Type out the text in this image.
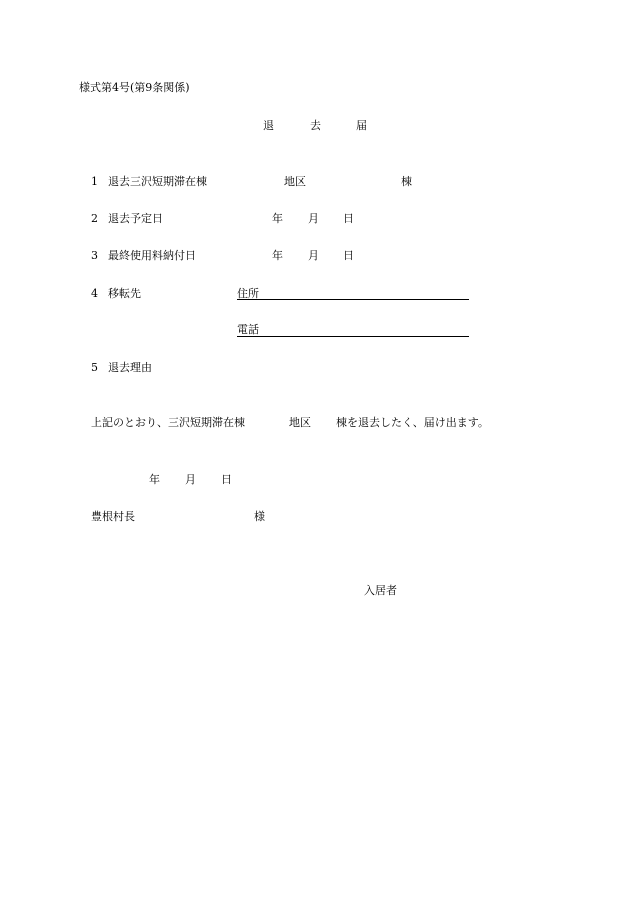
様式第4号(第9条関係)
退	去	届
1 退去三沢短期滞在棟	地区	棟
2 退去予定日	年 月 日
3 最終使用料納付日	年 月 日
4 移転先	住所
電話
5 退去理由
上記のとおり、三沢短期滞在棟	地区 棟を退去したく、届け出ます。
年 月 日
豊根村長	様
入居者
